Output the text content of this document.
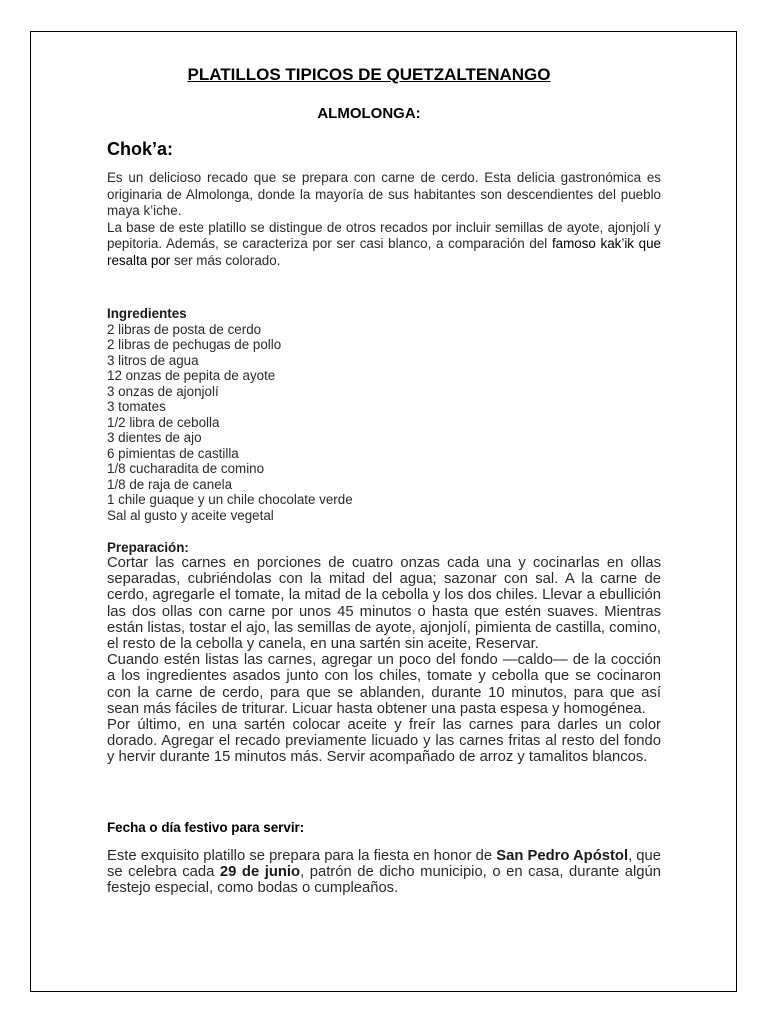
PLATILLOS TIPICOS DE QUETZALTENANGO
ALMOLONGA:
Chok’a:

Es un delicioso recado que se prepara con carne de cerdo. Esta delicia gastronómica es originaria de Almolonga, donde la mayoría de sus habitantes son descendientes del pueblo maya k’iche.

La base de este platillo se distingue de otros recados por incluir semillas de ayote, ajonjolí y pepitoria. Además, se caracteriza por ser casi blanco, a comparación del famoso kak’ik que resalta por ser más colorado.

Ingredientes

2 libras de posta de cerdo
2 libras de pechugas de pollo
3 litros de agua
12 onzas de pepita de ayote
3 onzas de ajonjolí
3 tomates
1/2 libra de cebolla
3 dientes de ajo
6 pimientas de castilla
1/8 cucharadita de comino
1/8 de raja de canela
1 chile guaque y un chile chocolate verde
Sal al gusto y aceite vegetal

Preparación:

Cortar las carnes en porciones de cuatro onzas cada una y cocinarlas en ollas separadas, cubriéndolas con la mitad del agua; sazonar con sal. A la carne de cerdo, agregarle el tomate, la mitad de la cebolla y los dos chiles. Llevar a ebullición las dos ollas con carne por unos 45 minutos o hasta que estén suaves. Mientras están listas, tostar el ajo, las semillas de ayote, ajonjolí, pimienta de castilla, comino, el resto de la cebolla y canela, en una sartén sin aceite, Reservar.

Cuando estén listas las carnes, agregar un poco del fondo —caldo— de la cocción a los ingredientes asados junto con los chiles, tomate y cebolla que se cocinaron con la carne de cerdo, para que se ablanden, durante 10 minutos, para que así sean más fáciles de triturar. Licuar hasta obtener una pasta espesa y homogénea.

Por último, en una sartén colocar aceite y freír las carnes para darles un color dorado. Agregar el recado previamente licuado y las carnes fritas al resto del fondo y hervir durante 15 minutos más. Servir acompañado de arroz y tamalitos blancos.

Fecha o día festivo para servir:

Este exquisito platillo se prepara para la fiesta en honor de San Pedro Apóstol, que se celebra cada 29 de junio, patrón de dicho municipio, o en casa, durante algún festejo especial, como bodas o cumpleaños.
